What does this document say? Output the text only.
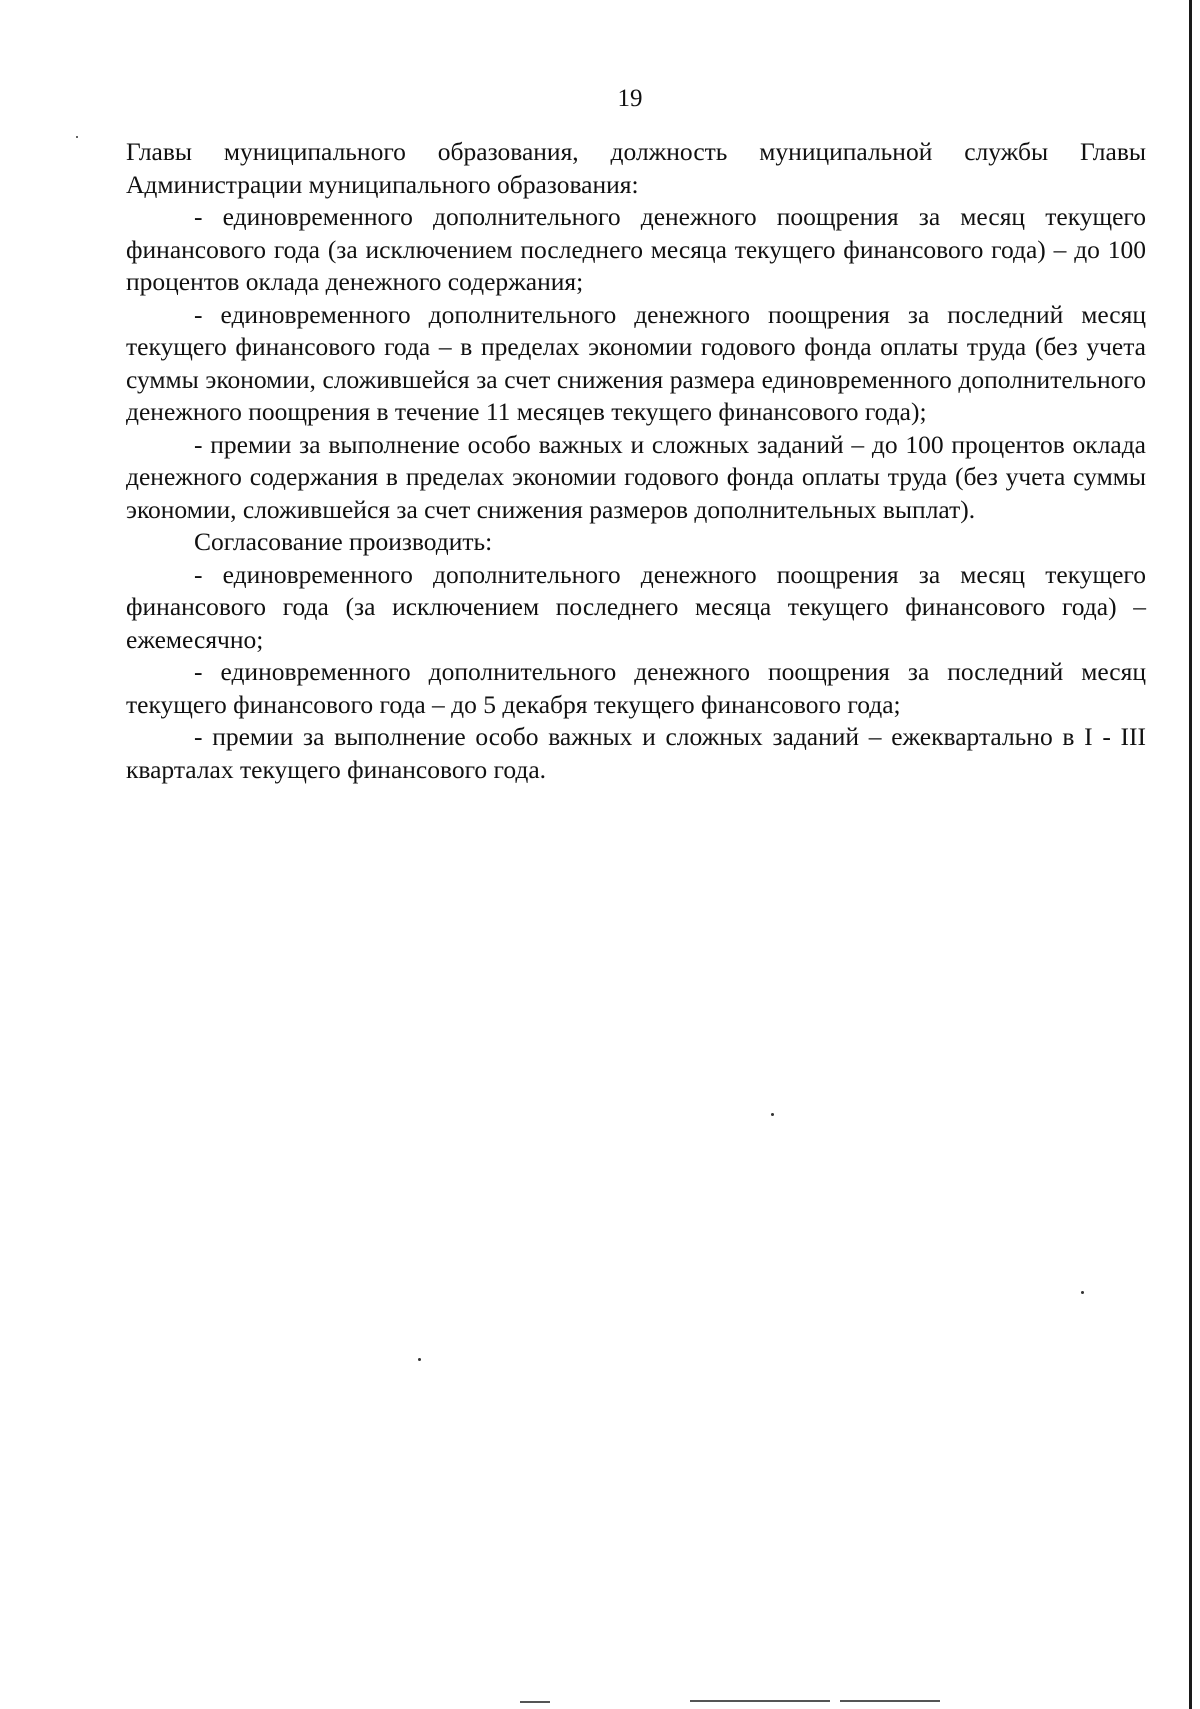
19

Главы муниципального образования, должность муниципальной службы Главы Администрации муниципального образования:

- единовременного дополнительного денежного поощрения за месяц текущего финансового года (за исключением последнего месяца текущего финансового года) – до 100 процентов оклада денежного содержания;

- единовременного дополнительного денежного поощрения за последний месяц текущего финансового года – в пределах экономии годового фонда оплаты труда (без учета суммы экономии, сложившейся за счет снижения размера единовременного дополнительного денежного поощрения в течение 11 месяцев текущего финансового года);

- премии за выполнение особо важных и сложных заданий – до 100 процентов оклада денежного содержания в пределах экономии годового фонда оплаты труда (без учета суммы экономии, сложившейся за счет снижения размеров дополнительных выплат).

Согласование производить:

- единовременного дополнительного денежного поощрения за месяц текущего финансового года (за исключением последнего месяца текущего финансового года) – ежемесячно;

- единовременного дополнительного денежного поощрения за последний месяц текущего финансового года – до 5 декабря текущего финансового года;

- премии за выполнение особо важных и сложных заданий – ежеквартально в I - III кварталах текущего финансового года.
